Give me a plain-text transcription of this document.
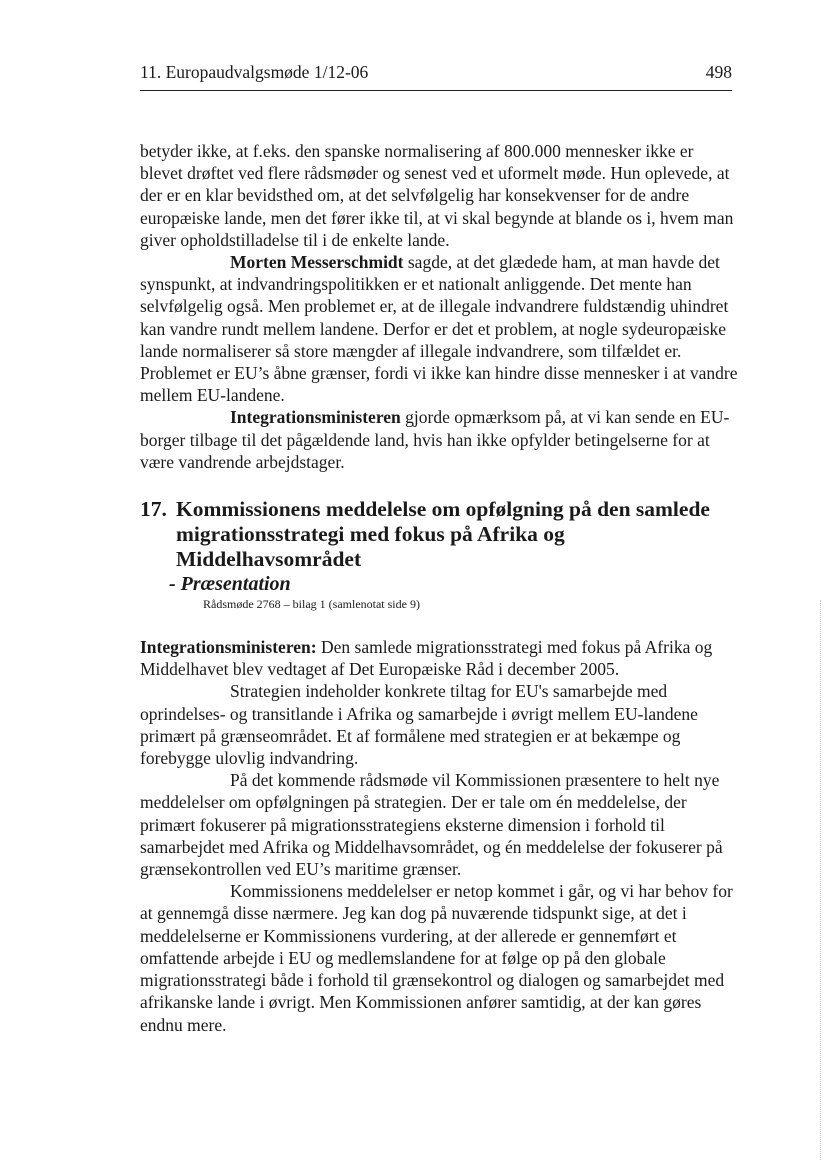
11. Europaudvalgsmøde 1/12-06	498

betyder ikke, at f.eks. den spanske normalisering af 800.000 mennesker ikke er blevet drøftet ved flere rådsmøder og senest ved et uformelt møde. Hun oplevede, at der er en klar bevidsthed om, at det selvfølgelig har konsekvenser for de andre europæiske lande, men det fører ikke til, at vi skal begynde at blande os i, hvem man giver opholdstilladelse til i de enkelte lande.

Morten Messerschmidt sagde, at det glædede ham, at man havde det synspunkt, at indvandringspolitikken er et nationalt anliggende. Det mente han selvfølgelig også. Men problemet er, at de illegale indvandrere fuldstændig uhindret kan vandre rundt mellem landene. Derfor er det et problem, at nogle sydeuropæiske lande normaliserer så store mængder af illegale indvandrere, som tilfældet er. Problemet er EU’s åbne grænser, fordi vi ikke kan hindre disse mennesker i at vandre mellem EU-landene.

Integrationsministeren gjorde opmærksom på, at vi kan sende en EU-borger tilbage til det pågældende land, hvis han ikke opfylder betingelserne for at være vandrende arbejdstager.

17. Kommissionens meddelelse om opfølgning på den samlede migrationsstrategi med fokus på Afrika og Middelhavsområdet

- Præsentation

Rådsmøde 2768 – bilag 1 (samlenotat side 9)

Integrationsministeren: Den samlede migrationsstrategi med fokus på Afrika og Middelhavet blev vedtaget af Det Europæiske Råd i december 2005.

Strategien indeholder konkrete tiltag for EU's samarbejde med oprindelses- og transitlande i Afrika og samarbejde i øvrigt mellem EU-landene primært på grænseområdet. Et af formålene med strategien er at bekæmpe og forebygge ulovlig indvandring.

På det kommende rådsmøde vil Kommissionen præsentere to helt nye meddelelser om opfølgningen på strategien. Der er tale om én meddelelse, der primært fokuserer på migrationsstrategiens eksterne dimension i forhold til samarbejdet med Afrika og Middelhavsområdet, og én meddelelse der fokuserer på grænsekontrollen ved EU’s maritime grænser.

Kommissionens meddelelser er netop kommet i går, og vi har behov for at gennemgå disse nærmere. Jeg kan dog på nuværende tidspunkt sige, at det i meddelelserne er Kommissionens vurdering, at der allerede er gennemført et omfattende arbejde i EU og medlemslandene for at følge op på den globale migrationsstrategi både i forhold til grænsekontrol og dialogen og samarbejdet med afrikanske lande i øvrigt. Men Kommissionen anfører samtidig, at der kan gøres endnu mere.
